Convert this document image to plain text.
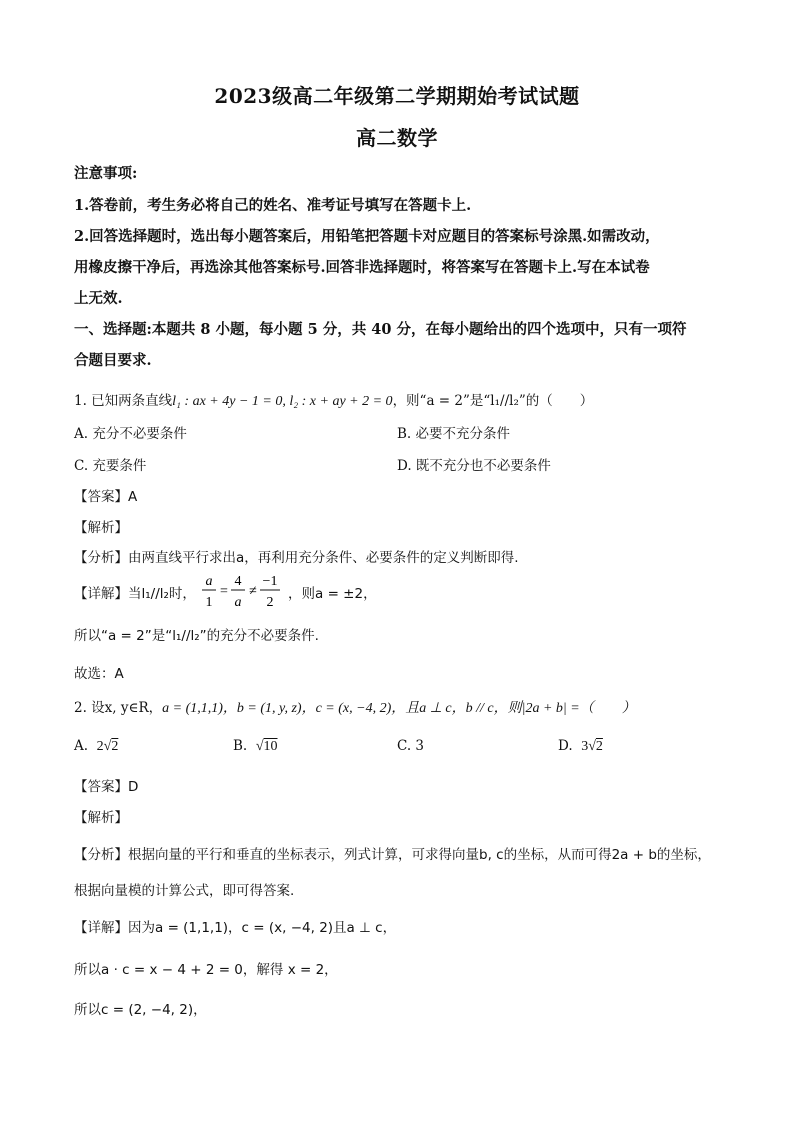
2023级高二年级第二学期期始考试试题
高二数学
注意事项:
1.答卷前，考生务必将自己的姓名、准考证号填写在答题卡上.
2.回答选择题时，选出每小题答案后，用铅笔把答题卡对应题目的答案标号涂黑.如需改动，
用橡皮擦干净后，再选涂其他答案标号.回答非选择题时，将答案写在答题卡上.写在本试卷
上无效.
一、选择题:本题共 8 小题，每小题 5 分，共 40 分，在每小题给出的四个选项中，只有一项符
合题目要求.
1. 已知两条直线l₁ : ax + 4y − 1 = 0, l₂ : x + ay + 2 = 0，则“a = 2”是“l₁//l₂”的（　　）
A. 充分不必要条件	B. 必要不充分条件
C. 充要条件	D. 既不充分也不必要条件
【答案】A
【解析】
【分析】由两直线平行求出a，再利用充分条件、必要条件的定义判断即得.
【详解】当l₁//l₂时，
a
1
=
4
a
≠
−1
2
，则a = ±2，
所以“a = 2”是“l₁//l₂”的充分不必要条件.
故选：A
2. 设x, y∈R，a = (1,1,1)，b = (1, y, z)，c = (x, −4, 2)，且a ⊥ c，b // c，则|2a + b| =（　　）
A. 2√2	B. √10	C. 3	D. 3√2
【答案】D
【解析】
【分析】根据向量的平行和垂直的坐标表示，列式计算，可求得向量b, c的坐标，从而可得2a + b的坐标，
根据向量模的计算公式，即可得答案.
【详解】因为a = (1,1,1)，c = (x, −4, 2)且a ⊥ c，
所以a · c = x − 4 + 2 = 0，解得 x = 2，
所以c = (2, −4, 2)，
